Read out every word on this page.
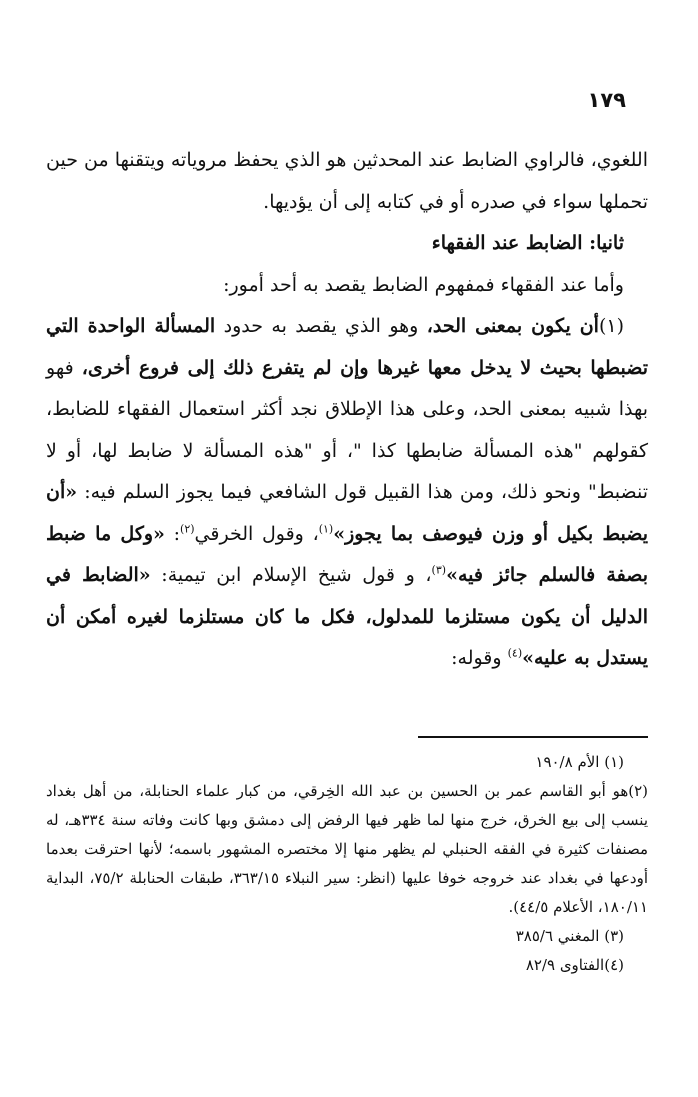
١٧٩

اللغوي، فالراوي الضابط عند المحدثين هو الذي يحفظ مروياته ويتقنها من حين تحملها سواء في صدره أو في كتابه إلى أن يؤديها.

ثانيا: الضابط عند الفقهاء

وأما عند الفقهاء فمفهوم الضابط يقصد به أحد أمور:

(١)أن يكون بمعنى الحد، وهو الذي يقصد به حدود المسألة الواحدة التي تضبطها بحيث لا يدخل معها غيرها وإن لم يتفرع ذلك إلى فروع أخرى، فهو بهذا شبيه بمعنى الحد، وعلى هذا الإطلاق نجد أكثر استعمال الفقهاء للضابط، كقولهم "هذه المسألة ضابطها كذا "، أو "هذه المسألة لا ضابط لها، أو لا تنضبط" ونحو ذلك، ومن هذا القبيل قول الشافعي فيما يجوز السلم فيه: «أن يضبط بكيل أو وزن فيوصف بما يجوز»$^{(١)}$، وقول الخرقي$^{(٢)}$: «وكل ما ضبط بصفة فالسلم جائز فيه»$^{(٣)}$، و قول شيخ الإسلام ابن تيمية: «الضابط في الدليل أن يكون مستلزما للمدلول، فكل ما كان مستلزما لغيره أمكن أن يستدل به عليه»$^{(٤)}$ وقوله:

(١) الأم ١٩٠/٨

(٢)هو أبو القاسم عمر بن الحسين بن عبد الله الخِرقي، من كبار علماء الحنابلة، من أهل بغداد ينسب إلى بيع الخرق، خرج منها لما ظهر فيها الرفض إلى دمشق وبها كانت وفاته سنة ٣٣٤هـ، له مصنفات كثيرة في الفقه الحنبلي لم يظهر منها إلا مختصره المشهور باسمه؛ لأنها احترقت بعدما أودعها في بغداد عند خروجه خوفا عليها (انظر: سير النبلاء ٣٦٣/١٥، طبقات الحنابلة ٧٥/٢، البداية ١٨٠/١١، الأعلام ٤٤/٥).

(٣) المغني ٣٨٥/٦

(٤)الفتاوى ٨٢/٩
